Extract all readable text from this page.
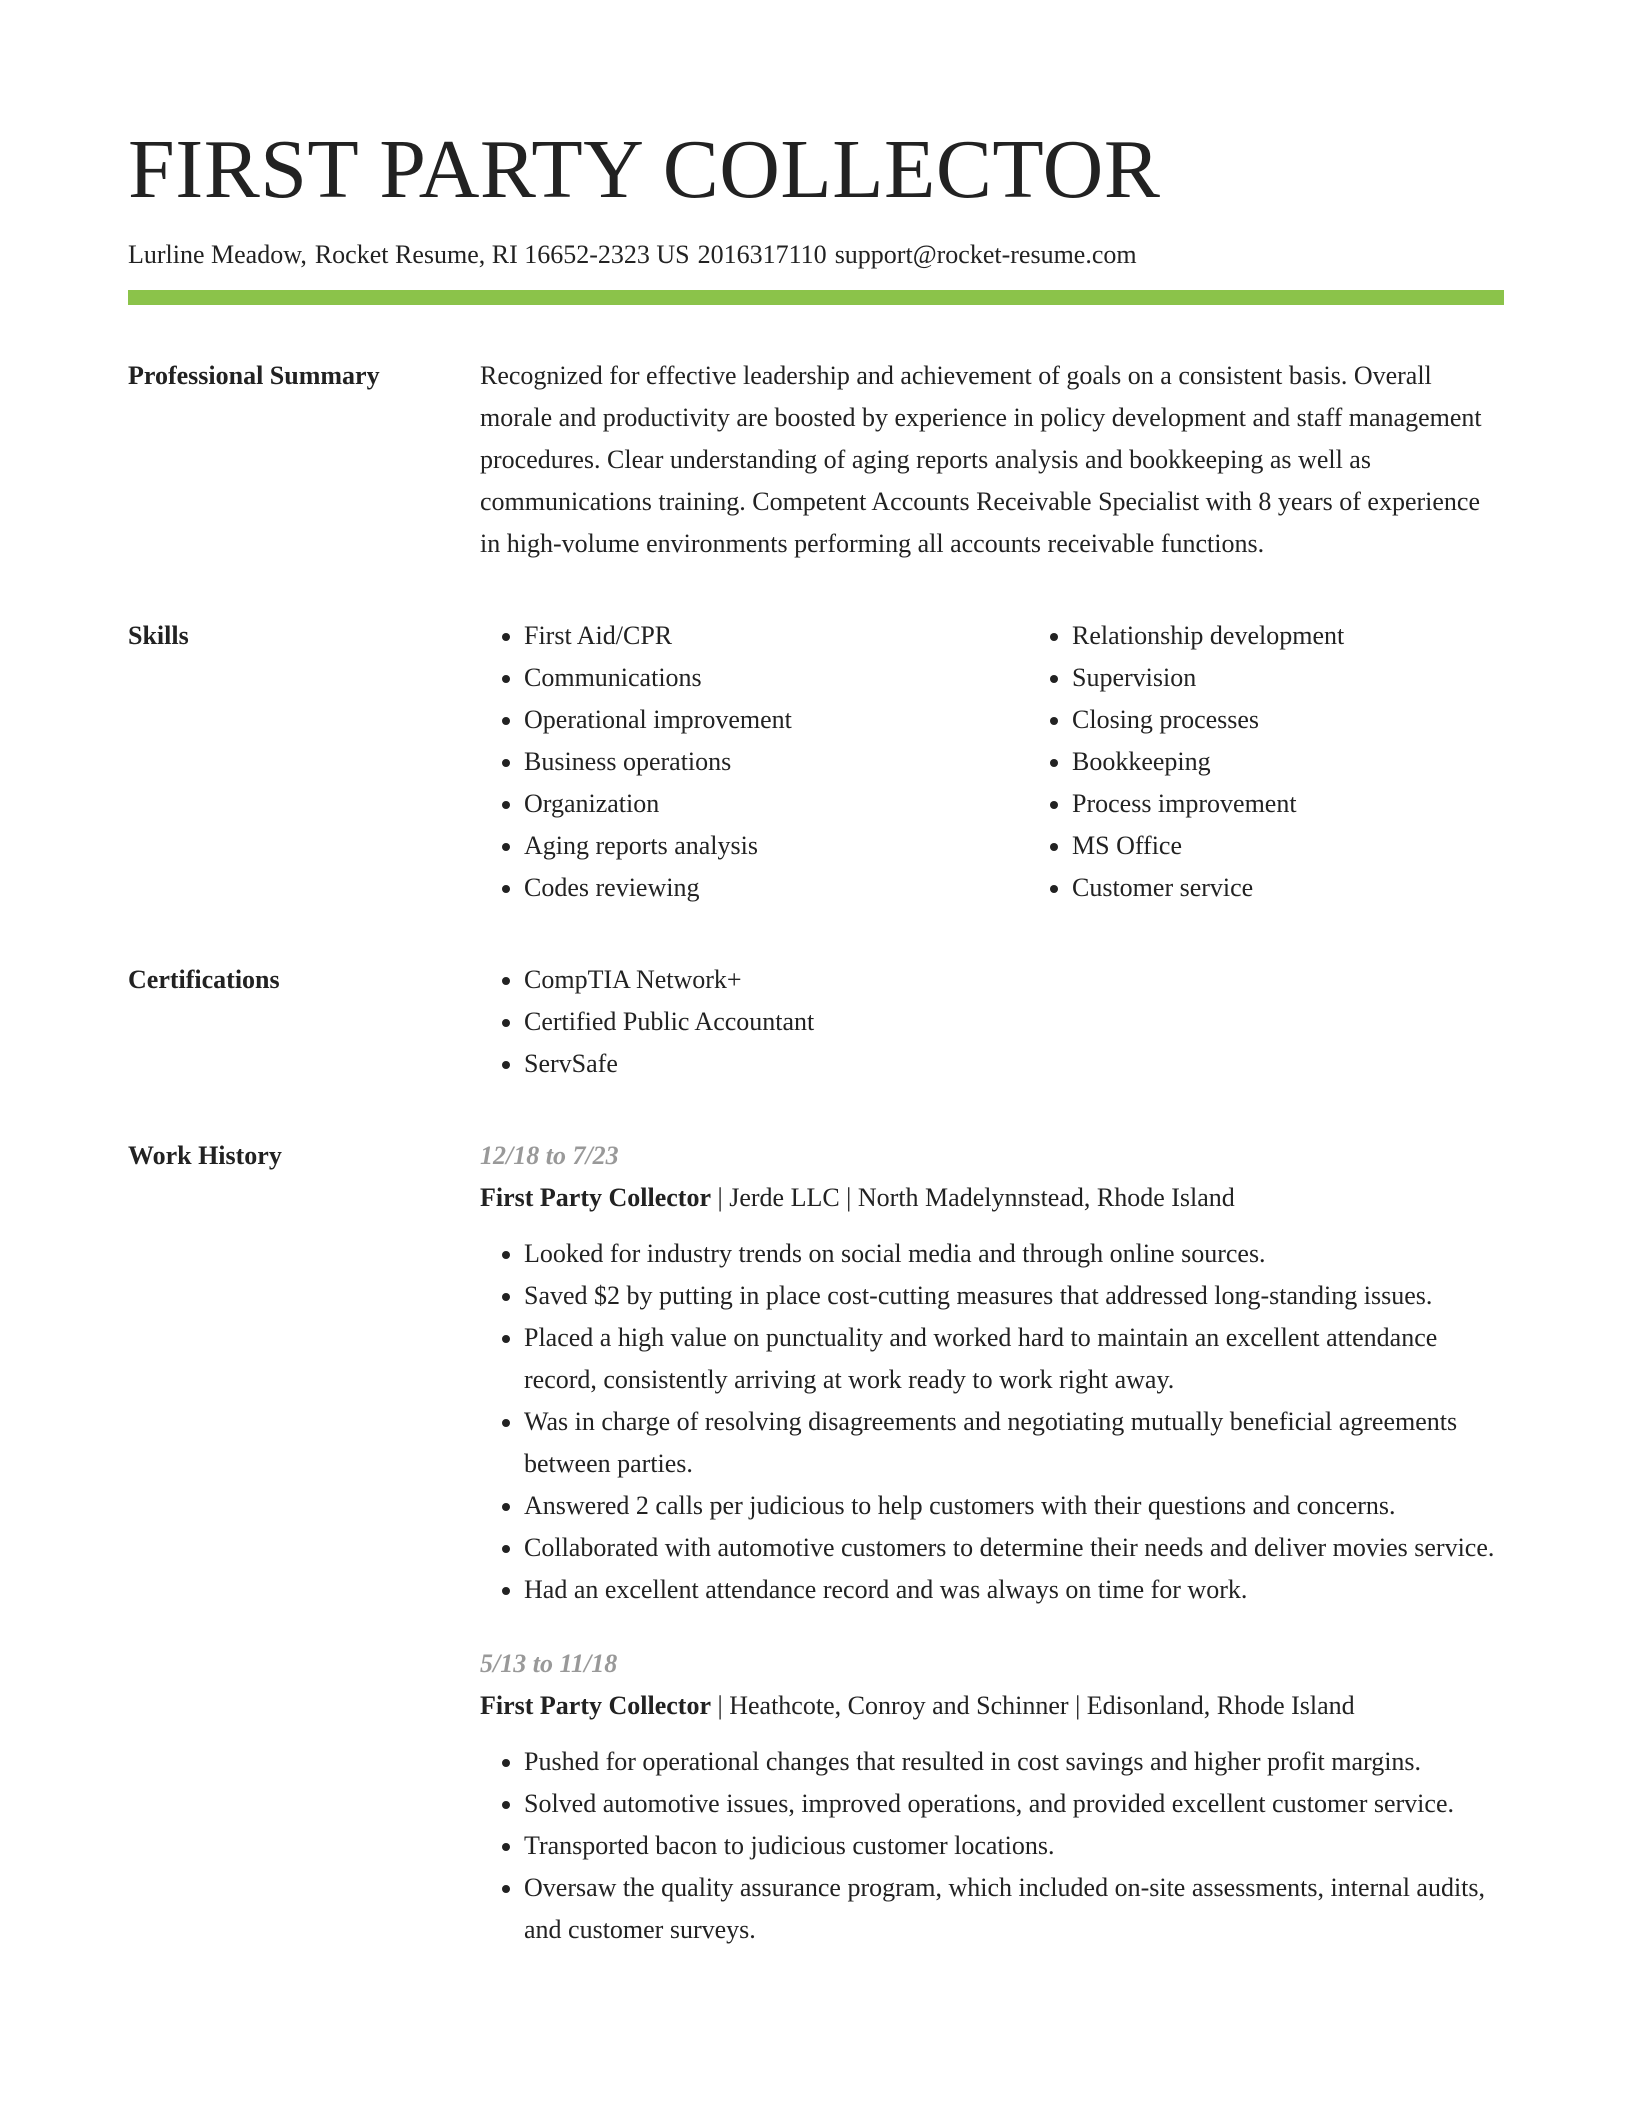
FIRST PARTY COLLECTOR
Lurline Meadow, Rocket Resume, RI 16652-2323 US 2016317110 support@rocket-resume.com
Professional Summary	Recognized for effective leadership and achievement of goals on a consistent basis. Overall morale and productivity are boosted by experience in policy development and staff management procedures. Clear understanding of aging reports analysis and bookkeeping as well as communications training. Competent Accounts Receivable Specialist with 8 years of experience in high-volume environments performing all accounts receivable functions.

Skills	• First Aid/CPR
• Communications
• Operational improvement
• Business operations
• Organization
• Aging reports analysis
• Codes reviewing
• Relationship development
• Supervision
• Closing processes
• Bookkeeping
• Process improvement
• MS Office
• Customer service
Certifications	• CompTIA Network+
• Certified Public Accountant
• ServSafe
Work History	12/18 to 7/23
First Party Collector | Jerde LLC | North Madelynnstead, Rhode Island
• Looked for industry trends on social media and through online sources.
• Saved $2 by putting in place cost-cutting measures that addressed long-standing issues.
• Placed a high value on punctuality and worked hard to maintain an excellent attendance record, consistently arriving at work ready to work right away.
• Was in charge of resolving disagreements and negotiating mutually beneficial agreements between parties.
• Answered 2 calls per judicious to help customers with their questions and concerns.
• Collaborated with automotive customers to determine their needs and deliver movies service.
• Had an excellent attendance record and was always on time for work.
5/13 to 11/18
First Party Collector | Heathcote, Conroy and Schinner | Edisonland, Rhode Island
• Pushed for operational changes that resulted in cost savings and higher profit margins.
• Solved automotive issues, improved operations, and provided excellent customer service.
• Transported bacon to judicious customer locations.
• Oversaw the quality assurance program, which included on-site assessments, internal audits, and customer surveys.
